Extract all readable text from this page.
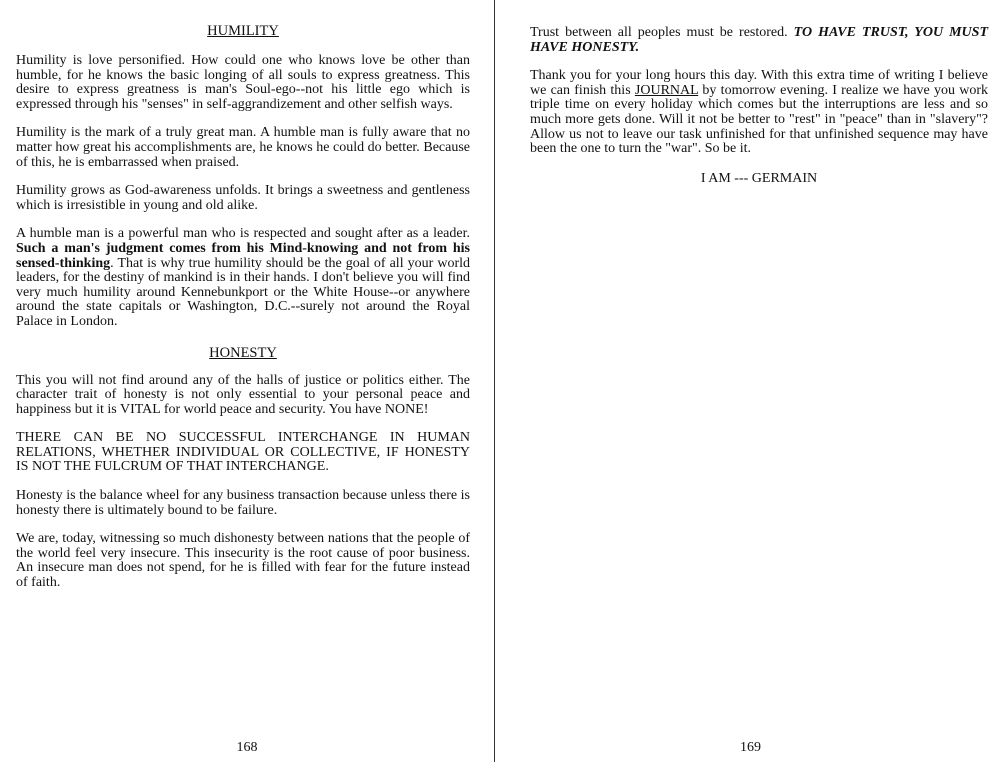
HUMILITY

Humility is love personified. How could one who knows love be other than humble, for he knows the basic longing of all souls to express greatness. This desire to express greatness is man's Soul-ego--not his little ego which is expressed through his "senses" in self-aggrandizement and other selfish ways.

Humility is the mark of a truly great man. A humble man is fully aware that no matter how great his accomplishments are, he knows he could do better. Because of this, he is embarrassed when praised.

Humility grows as God-awareness unfolds. It brings a sweetness and gentleness which is irresistible in young and old alike.

A humble man is a powerful man who is respected and sought after as a leader. Such a man's judgment comes from his Mind-knowing and not from his sensed-thinking. That is why true humility should be the goal of all your world leaders, for the destiny of mankind is in their hands. I don't believe you will find very much humility around Kennebunkport or the White House--or anywhere around the state capitals or Washington, D.C.--surely not around the Royal Palace in London.

HONESTY

This you will not find around any of the halls of justice or politics either. The character trait of honesty is not only essential to your personal peace and happiness but it is VITAL for world peace and security. You have NONE!

THERE CAN BE NO SUCCESSFUL INTERCHANGE IN HUMAN RELATIONS, WHETHER INDIVIDUAL OR COLLECTIVE, IF HONESTY IS NOT THE FULCRUM OF THAT INTERCHANGE.

Honesty is the balance wheel for any business transaction because unless there is honesty there is ultimately bound to be failure.

We are, today, witnessing so much dishonesty between nations that the people of the world feel very insecure. This insecurity is the root cause of poor business. An insecure man does not spend, for he is filled with fear for the future instead of faith.

168

Trust between all peoples must be restored. TO HAVE TRUST, YOU MUST HAVE HONESTY.

Thank you for your long hours this day. With this extra time of writing I believe we can finish this JOURNAL by tomorrow evening. I realize we have you work triple time on every holiday which comes but the interruptions are less and so much more gets done. Will it not be better to "rest" in "peace" than in "slavery"? Allow us not to leave our task unfinished for that unfinished sequence may have been the one to turn the "war". So be it.

I AM --- GERMAIN
169
